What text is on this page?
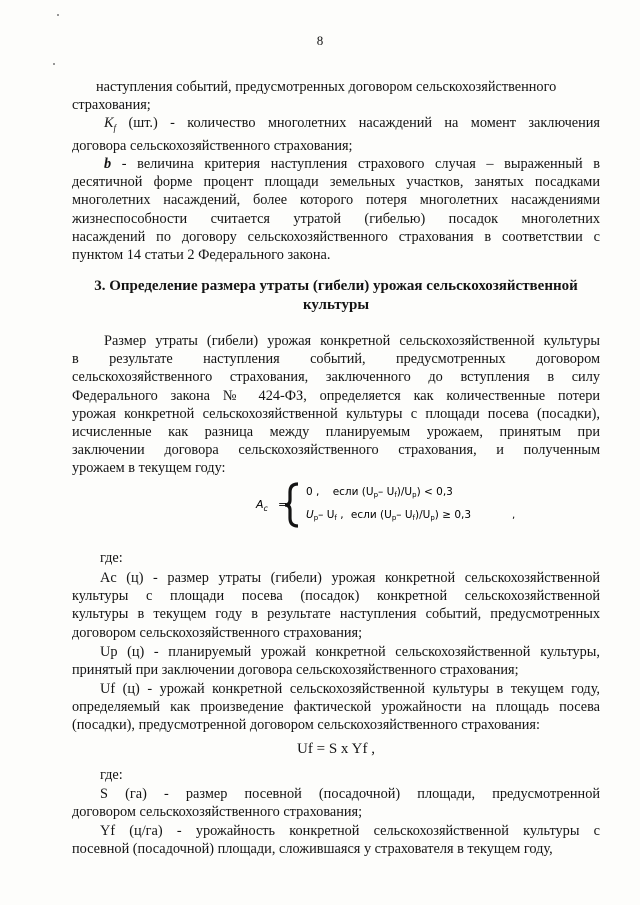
8
наступления событий, предусмотренных договором сельскохозяйственного
страхования;
$K_f$ (шт.) - количество многолетних насаждений на момент заключения
договора сельскохозяйственного страхования;
b - величина критерия наступления страхового случая – выраженный в
десятичной форме процент площади земельных участков, занятых посадками
многолетних насаждений, более которого потеря многолетних насаждениями
жизнеспособности считается утратой (гибелью) посадок многолетних
насаждений по договору сельскохозяйственного страхования в соответствии с
пунктом 14 статьи 2 Федерального закона.
3. Определение размера утраты (гибели) урожая сельскохозяйственной
культуры
Размер утраты (гибели) урожая конкретной сельскохозяйственной культуры
в результате наступления событий, предусмотренных договором
сельскохозяйственного страхования, заключенного до вступления в силу
Федерального закона № 424-ФЗ, определяется как количественные потери
урожая конкретной сельскохозяйственной культуры с площади посева (посадки),
исчисленные как разница между планируемым урожаем, принятым при
заключении договора сельскохозяйственного страхования, и полученным
урожаем в текущем году:
$A_c$ =
0 , если (Up– Uf)/Up) < 0,3
Up– Uf , если (Up– Uf)/Up) ≥ 0,3	,
где:
Ac (ц) - размер утраты (гибели) урожая конкретной сельскохозяйственной
культуры с площади посева (посадок) конкретной сельскохозяйственной
культуры в текущем году в результате наступления событий, предусмотренных
договором сельскохозяйственного страхования;
Up (ц) - планируемый урожай конкретной сельскохозяйственной культуры,
принятый при заключении договора сельскохозяйственного страхования;
Uf (ц) - урожай конкретной сельскохозяйственной культуры в текущем году,
определяемый как произведение фактической урожайности на площадь посева
(посадки), предусмотренной договором сельскохозяйственного страхования:
Uf = S x Yf ,
где:
S (га) - размер посевной (посадочной) площади, предусмотренной
договором сельскохозяйственного страхования;
Yf (ц/га) - урожайность конкретной сельскохозяйственной культуры с
посевной (посадочной) площади, сложившаяся у страхователя в текущем году,
